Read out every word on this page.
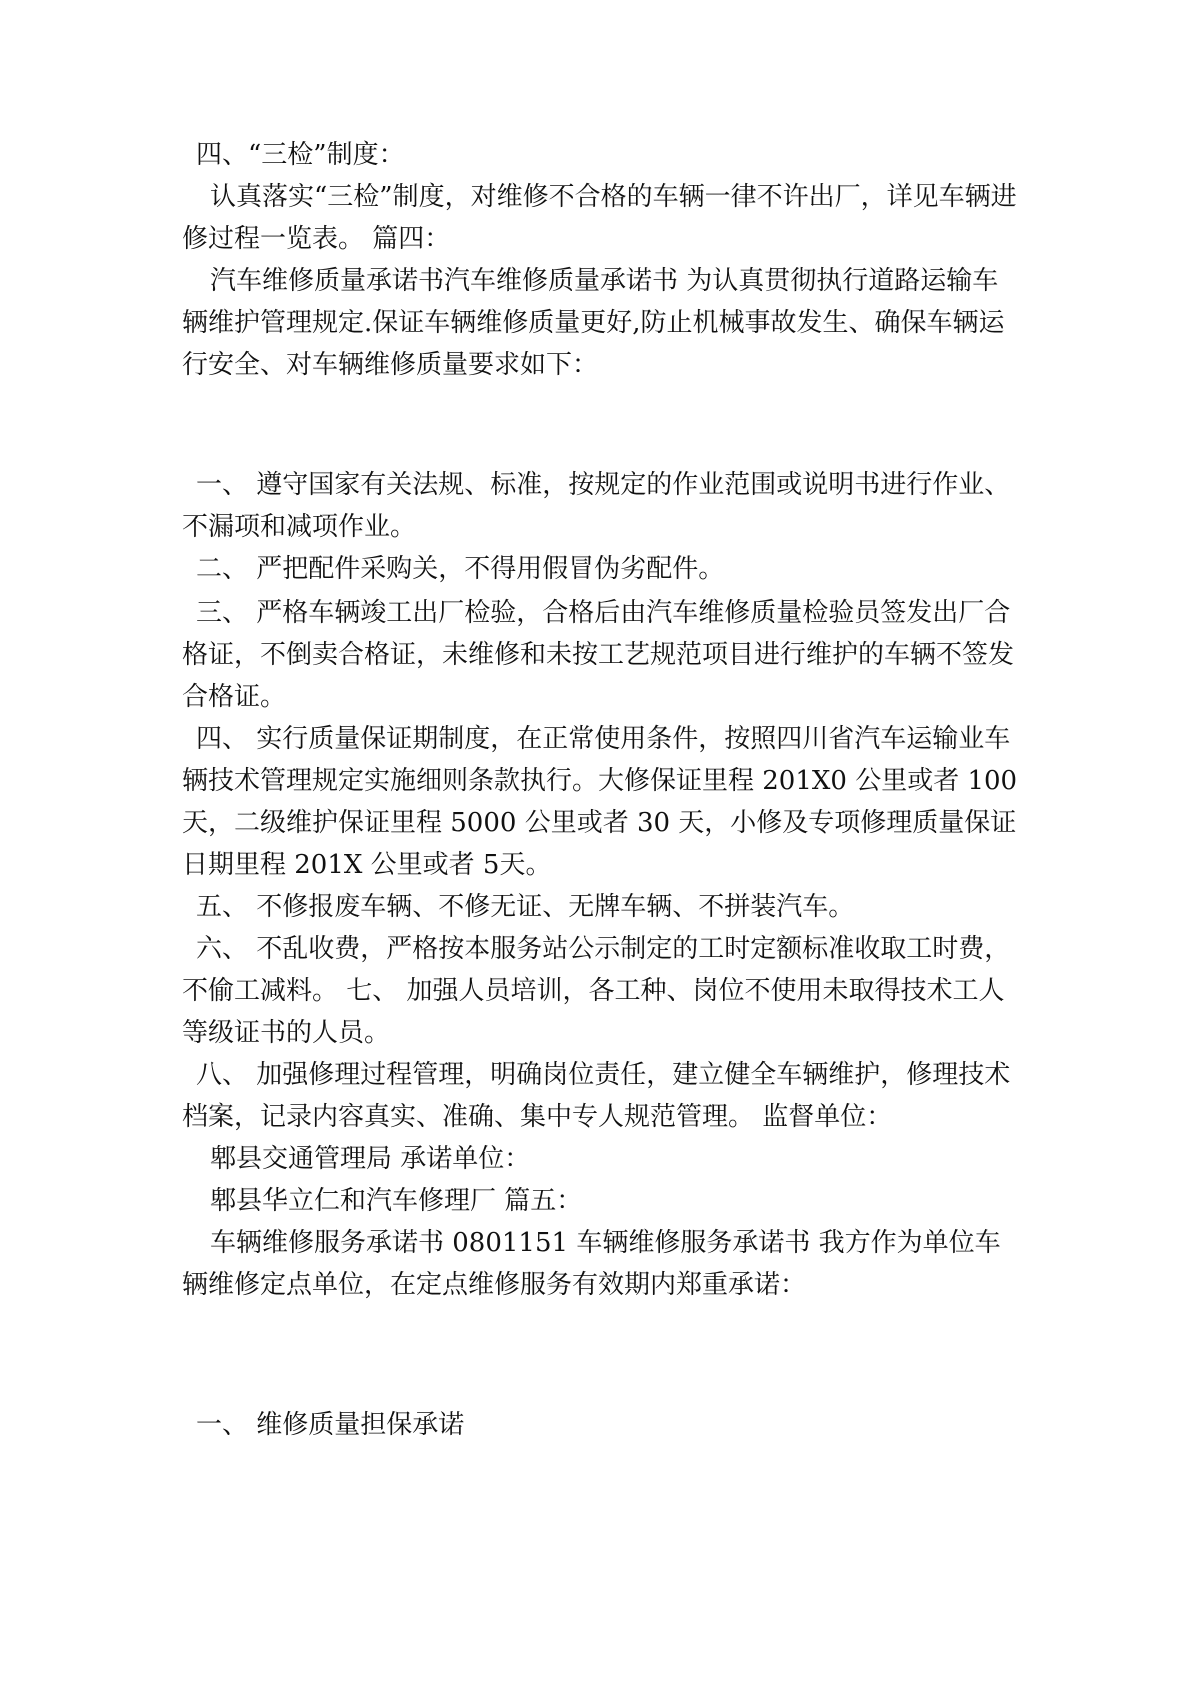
四、“三检”制度：

认真落实“三检”制度，对维修不合格的车辆一律不许出厂，详见车辆进修过程一览表。 篇四：

汽车维修质量承诺书汽车维修质量承诺书 为认真贯彻执行道路运输车辆维护管理规定.保证车辆维修质量更好,防止机械事故发生、确保车辆运行安全、对车辆维修质量要求如下：

一、 遵守国家有关法规、标准，按规定的作业范围或说明书进行作业、不漏项和减项作业。

二、 严把配件采购关，不得用假冒伪劣配件。

三、 严格车辆竣工出厂检验，合格后由汽车维修质量检验员签发出厂合格证，不倒卖合格证，未维修和未按工艺规范项目进行维护的车辆不签发合格证。

四、 实行质量保证期制度，在正常使用条件，按照四川省汽车运输业车辆技术管理规定实施细则条款执行。大修保证里程 201X0 公里或者 100 天，二级维护保证里程 5000 公里或者 30 天，小修及专项修理质量保证日期里程 201X 公里或者 5天。

五、 不修报废车辆、不修无证、无牌车辆、不拼装汽车。

六、 不乱收费，严格按本服务站公示制定的工时定额标准收取工时费，不偷工减料。 七、 加强人员培训，各工种、岗位不使用未取得技术工人等级证书的人员。

八、 加强修理过程管理，明确岗位责任，建立健全车辆维护，修理技术档案，记录内容真实、准确、集中专人规范管理。 监督单位：

郫县交通管理局 承诺单位：

郫县华立仁和汽车修理厂 篇五：

车辆维修服务承诺书 0801151 车辆维修服务承诺书 我方作为单位车辆维修定点单位，在定点维修服务有效期内郑重承诺：

一、 维修质量担保承诺
